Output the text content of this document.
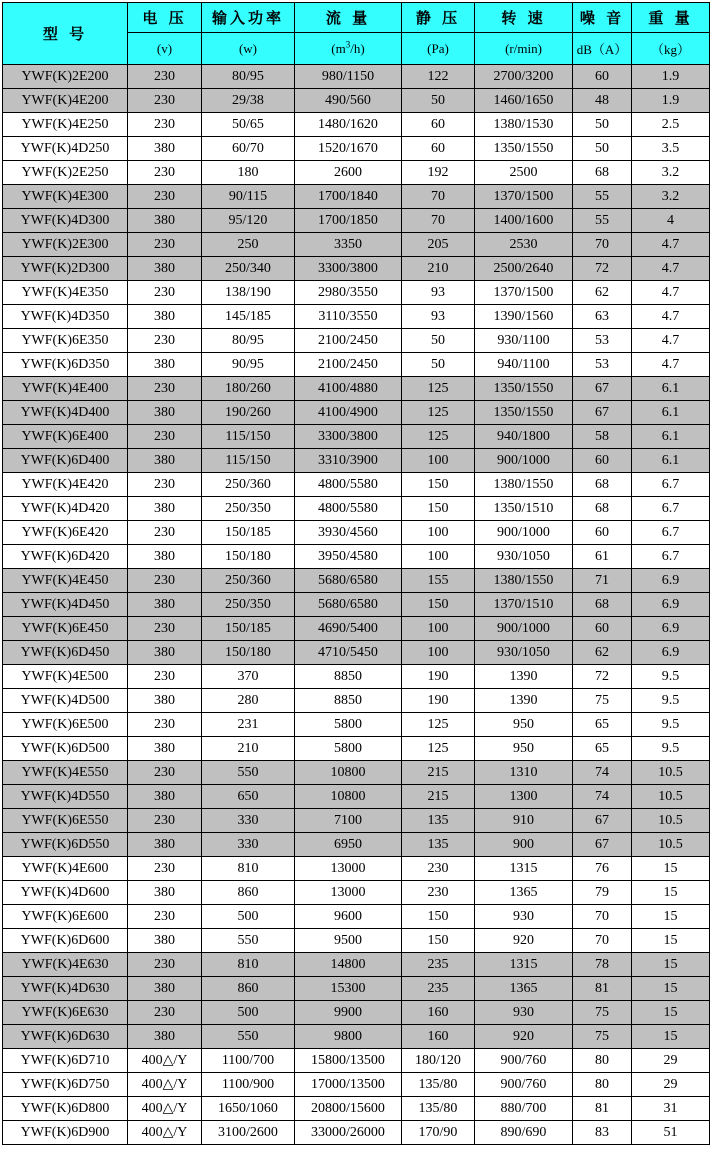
型 号	电 压	输入功率	流 量	静 压	转 速	噪 音	重 量
	(v)	(w)	$(m^3/h)$	(Pa)	(r/min)	dB（A）	（kg）
YWF(K)2E200	230	80/95	980/1150	122	2700/3200	60	1.9
YWF(K)4E200	230	29/38	490/560	50	1460/1650	48	1.9
YWF(K)4E250	230	50/65	1480/1620	60	1380/1530	50	2.5
YWF(K)4D250	380	60/70	1520/1670	60	1350/1550	50	3.5
YWF(K)2E250	230	180	2600	192	2500	68	3.2
YWF(K)4E300	230	90/115	1700/1840	70	1370/1500	55	3.2
YWF(K)4D300	380	95/120	1700/1850	70	1400/1600	55	4
YWF(K)2E300	230	250	3350	205	2530	70	4.7
YWF(K)2D300	380	250/340	3300/3800	210	2500/2640	72	4.7
YWF(K)4E350	230	138/190	2980/3550	93	1370/1500	62	4.7
YWF(K)4D350	380	145/185	3110/3550	93	1390/1560	63	4.7
YWF(K)6E350	230	80/95	2100/2450	50	930/1100	53	4.7
YWF(K)6D350	380	90/95	2100/2450	50	940/1100	53	4.7
YWF(K)4E400	230	180/260	4100/4880	125	1350/1550	67	6.1
YWF(K)4D400	380	190/260	4100/4900	125	1350/1550	67	6.1
YWF(K)6E400	230	115/150	3300/3800	125	940/1800	58	6.1
YWF(K)6D400	380	115/150	3310/3900	100	900/1000	60	6.1
YWF(K)4E420	230	250/360	4800/5580	150	1380/1550	68	6.7
YWF(K)4D420	380	250/350	4800/5580	150	1350/1510	68	6.7
YWF(K)6E420	230	150/185	3930/4560	100	900/1000	60	6.7
YWF(K)6D420	380	150/180	3950/4580	100	930/1050	61	6.7
YWF(K)4E450	230	250/360	5680/6580	155	1380/1550	71	6.9
YWF(K)4D450	380	250/350	5680/6580	150	1370/1510	68	6.9
YWF(K)6E450	230	150/185	4690/5400	100	900/1000	60	6.9
YWF(K)6D450	380	150/180	4710/5450	100	930/1050	62	6.9
YWF(K)4E500	230	370	8850	190	1390	72	9.5
YWF(K)4D500	380	280	8850	190	1390	75	9.5
YWF(K)6E500	230	231	5800	125	950	65	9.5
YWF(K)6D500	380	210	5800	125	950	65	9.5
YWF(K)4E550	230	550	10800	215	1310	74	10.5
YWF(K)4D550	380	650	10800	215	1300	74	10.5
YWF(K)6E550	230	330	7100	135	910	67	10.5
YWF(K)6D550	380	330	6950	135	900	67	10.5
YWF(K)4E600	230	810	13000	230	1315	76	15
YWF(K)4D600	380	860	13000	230	1365	79	15
YWF(K)6E600	230	500	9600	150	930	70	15
YWF(K)6D600	380	550	9500	150	920	70	15
YWF(K)4E630	230	810	14800	235	1315	78	15
YWF(K)4D630	380	860	15300	235	1365	81	15
YWF(K)6E630	230	500	9900	160	930	75	15
YWF(K)6D630	380	550	9800	160	920	75	15
YWF(K)6D710	400△/Y	1100/700	15800/13500	180/120	900/760	80	29
YWF(K)6D750	400△/Y	1100/900	17000/13500	135/80	900/760	80	29
YWF(K)6D800	400△/Y	1650/1060	20800/15600	135/80	880/700	81	31
YWF(K)6D900	400△/Y	3100/2600	33000/26000	170/90	890/690	83	51
